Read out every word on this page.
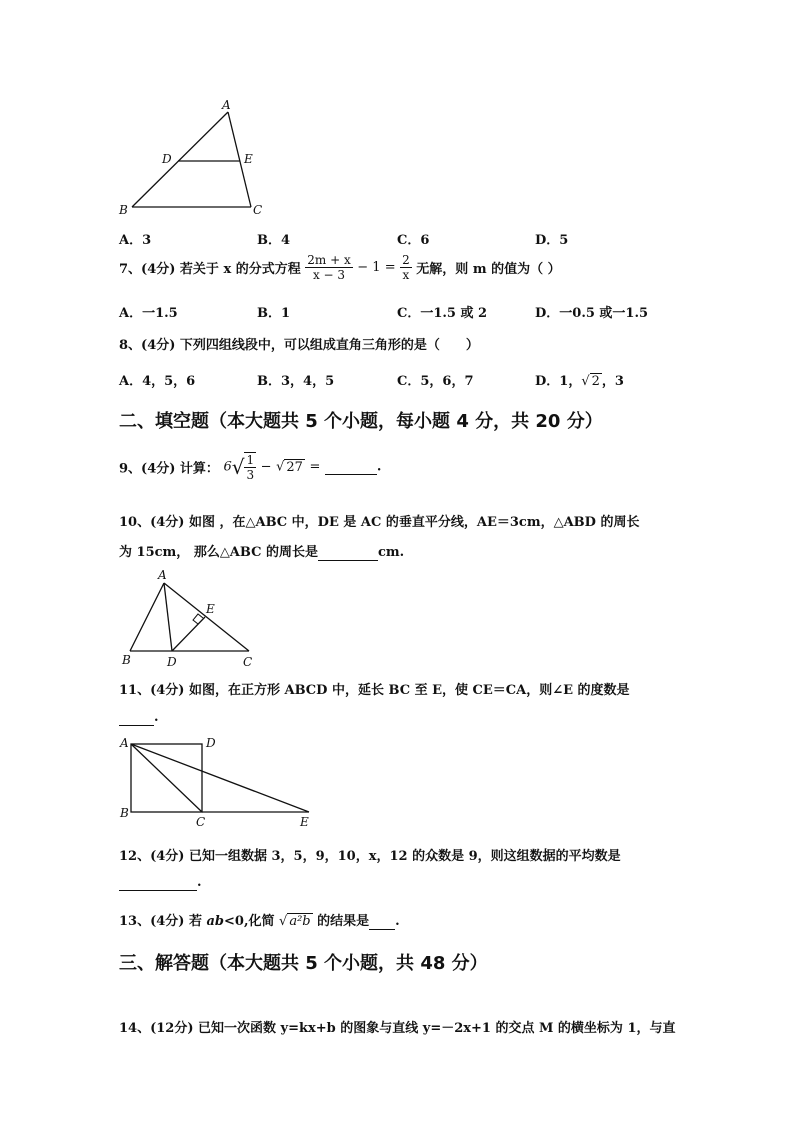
A
D	E
B	C
A．3	B．4	C．6	D．5
7、(4分) 若关于 x 的分式方程 $\frac{2m + x}{x - 3} - 1 = \frac{2}{x}$ 无解，则 m 的值为（ ）
A．一1.5	B．1	C．一1.5 或 2	D．一0.5 或一1.5
8、(4分) 下列四组线段中，可以组成直角三角形的是（　　）
A．4，5，6	B．3，4，5	C．5，6，7	D．1，√ 2 ，3
二、填空题（本大题共 5 个小题，每小题 4 分，共 20 分）
9、(4分) 计算： $6√ \frac{1}{3}$ − √ 27 =	.
10、(4分) 如图 ，在△ABC 中，DE 是 AC 的垂直平分线，AE＝3cm，△ABD 的周长
为 15cm， 那么△ABC 的周长是	cm.
A
E
B	D	C
11、(4分) 如图，在正方形 ABCD 中，延长 BC 至 E，使 CE＝CA，则∠E 的度数是
.
A	D
B
C	E
12、(4分) 已知一组数据 3，5，9，10，x，12 的众数是 9，则这组数据的平均数是
.
13、(4分) 若 ab<0,化简 √ a²b 的结果是 .
三、解答题（本大题共 5 个小题，共 48 分）
14、(12分) 已知一次函数 y=kx+b 的图象与直线 y=－2x+1 的交点 M 的横坐标为 1，与直
